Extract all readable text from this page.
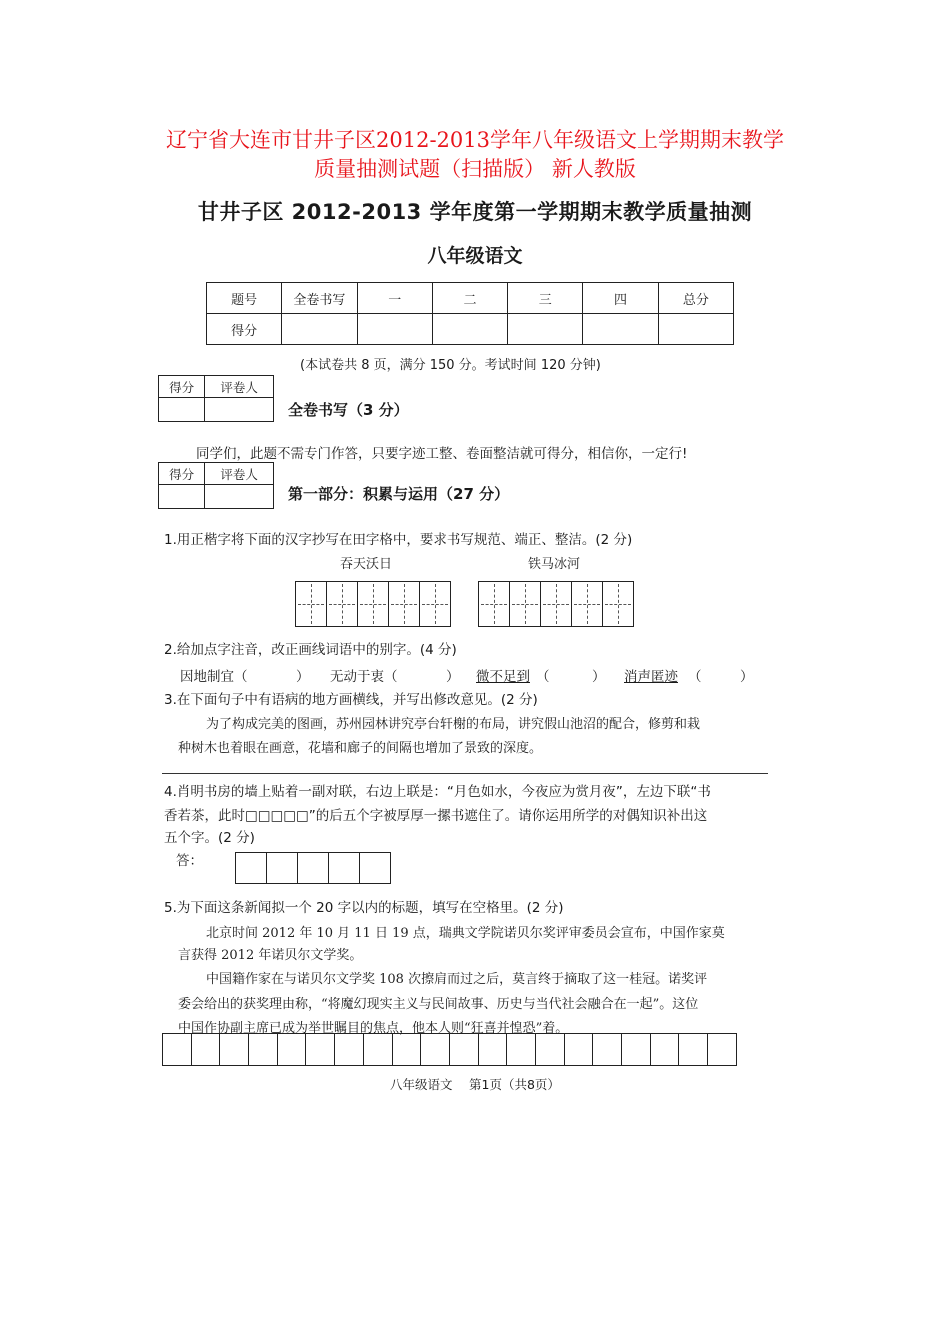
辽宁省大连市甘井子区2012-2013学年八年级语文上学期期末教学
质量抽测试题（扫描版） 新人教版
甘井子区 2012-2013 学年度第一学期期末教学质量抽测
八年级语文
题号	全卷书写	一	二	三	四	总分
得分						
(本试卷共 8 页，满分 150 分。考试时间 120 分钟)
得分	评卷人

全卷书写（3 分）
同学们，此题不需专门作答，只要字迹工整、卷面整洁就可得分，相信你，一定行!
得分	评卷人

第一部分：积累与运用（27 分）
1.用正楷字将下面的汉字抄写在田字格中，要求书写规范、端正、整洁。(2 分)
吞天沃日	铁马冰河
2.给加点字注音，改正画线词语中的别字。(4 分)
因地制宜（	） 无动于衷（	） 微不足到 （	） 消声匿迹 （	）
3.在下面句子中有语病的地方画横线，并写出修改意见。(2 分)
为了构成完美的图画，苏州园林讲究亭台轩榭的布局，讲究假山池沼的配合，修剪和栽
种树木也着眼在画意，花墙和廊子的间隔也增加了景致的深度。
4.肖明书房的墙上贴着一副对联，右边上联是：“月色如水，今夜应为赏月夜”，左边下联“书
香若茶，此时□□□□□”的后五个字被厚厚一摞书遮住了。请你运用所学的对偶知识补出这
五个字。(2 分)
答：
5.为下面这条新闻拟一个 20 字以内的标题，填写在空格里。(2 分)
北京时间 2012 年 10 月 11 日 19 点，瑞典文学院诺贝尔奖评审委员会宣布，中国作家莫
言获得 2012 年诺贝尔文学奖。
中国籍作家在与诺贝尔文学奖 108 次擦肩而过之后，莫言终于摘取了这一桂冠。诺奖评
委会给出的获奖理由称，“将魔幻现实主义与民间故事、历史与当代社会融合在一起”。这位
中国作协副主席已成为举世瞩目的焦点，他本人则“狂喜并惶恐”着。
八年级语文　 第1页（共8页）
